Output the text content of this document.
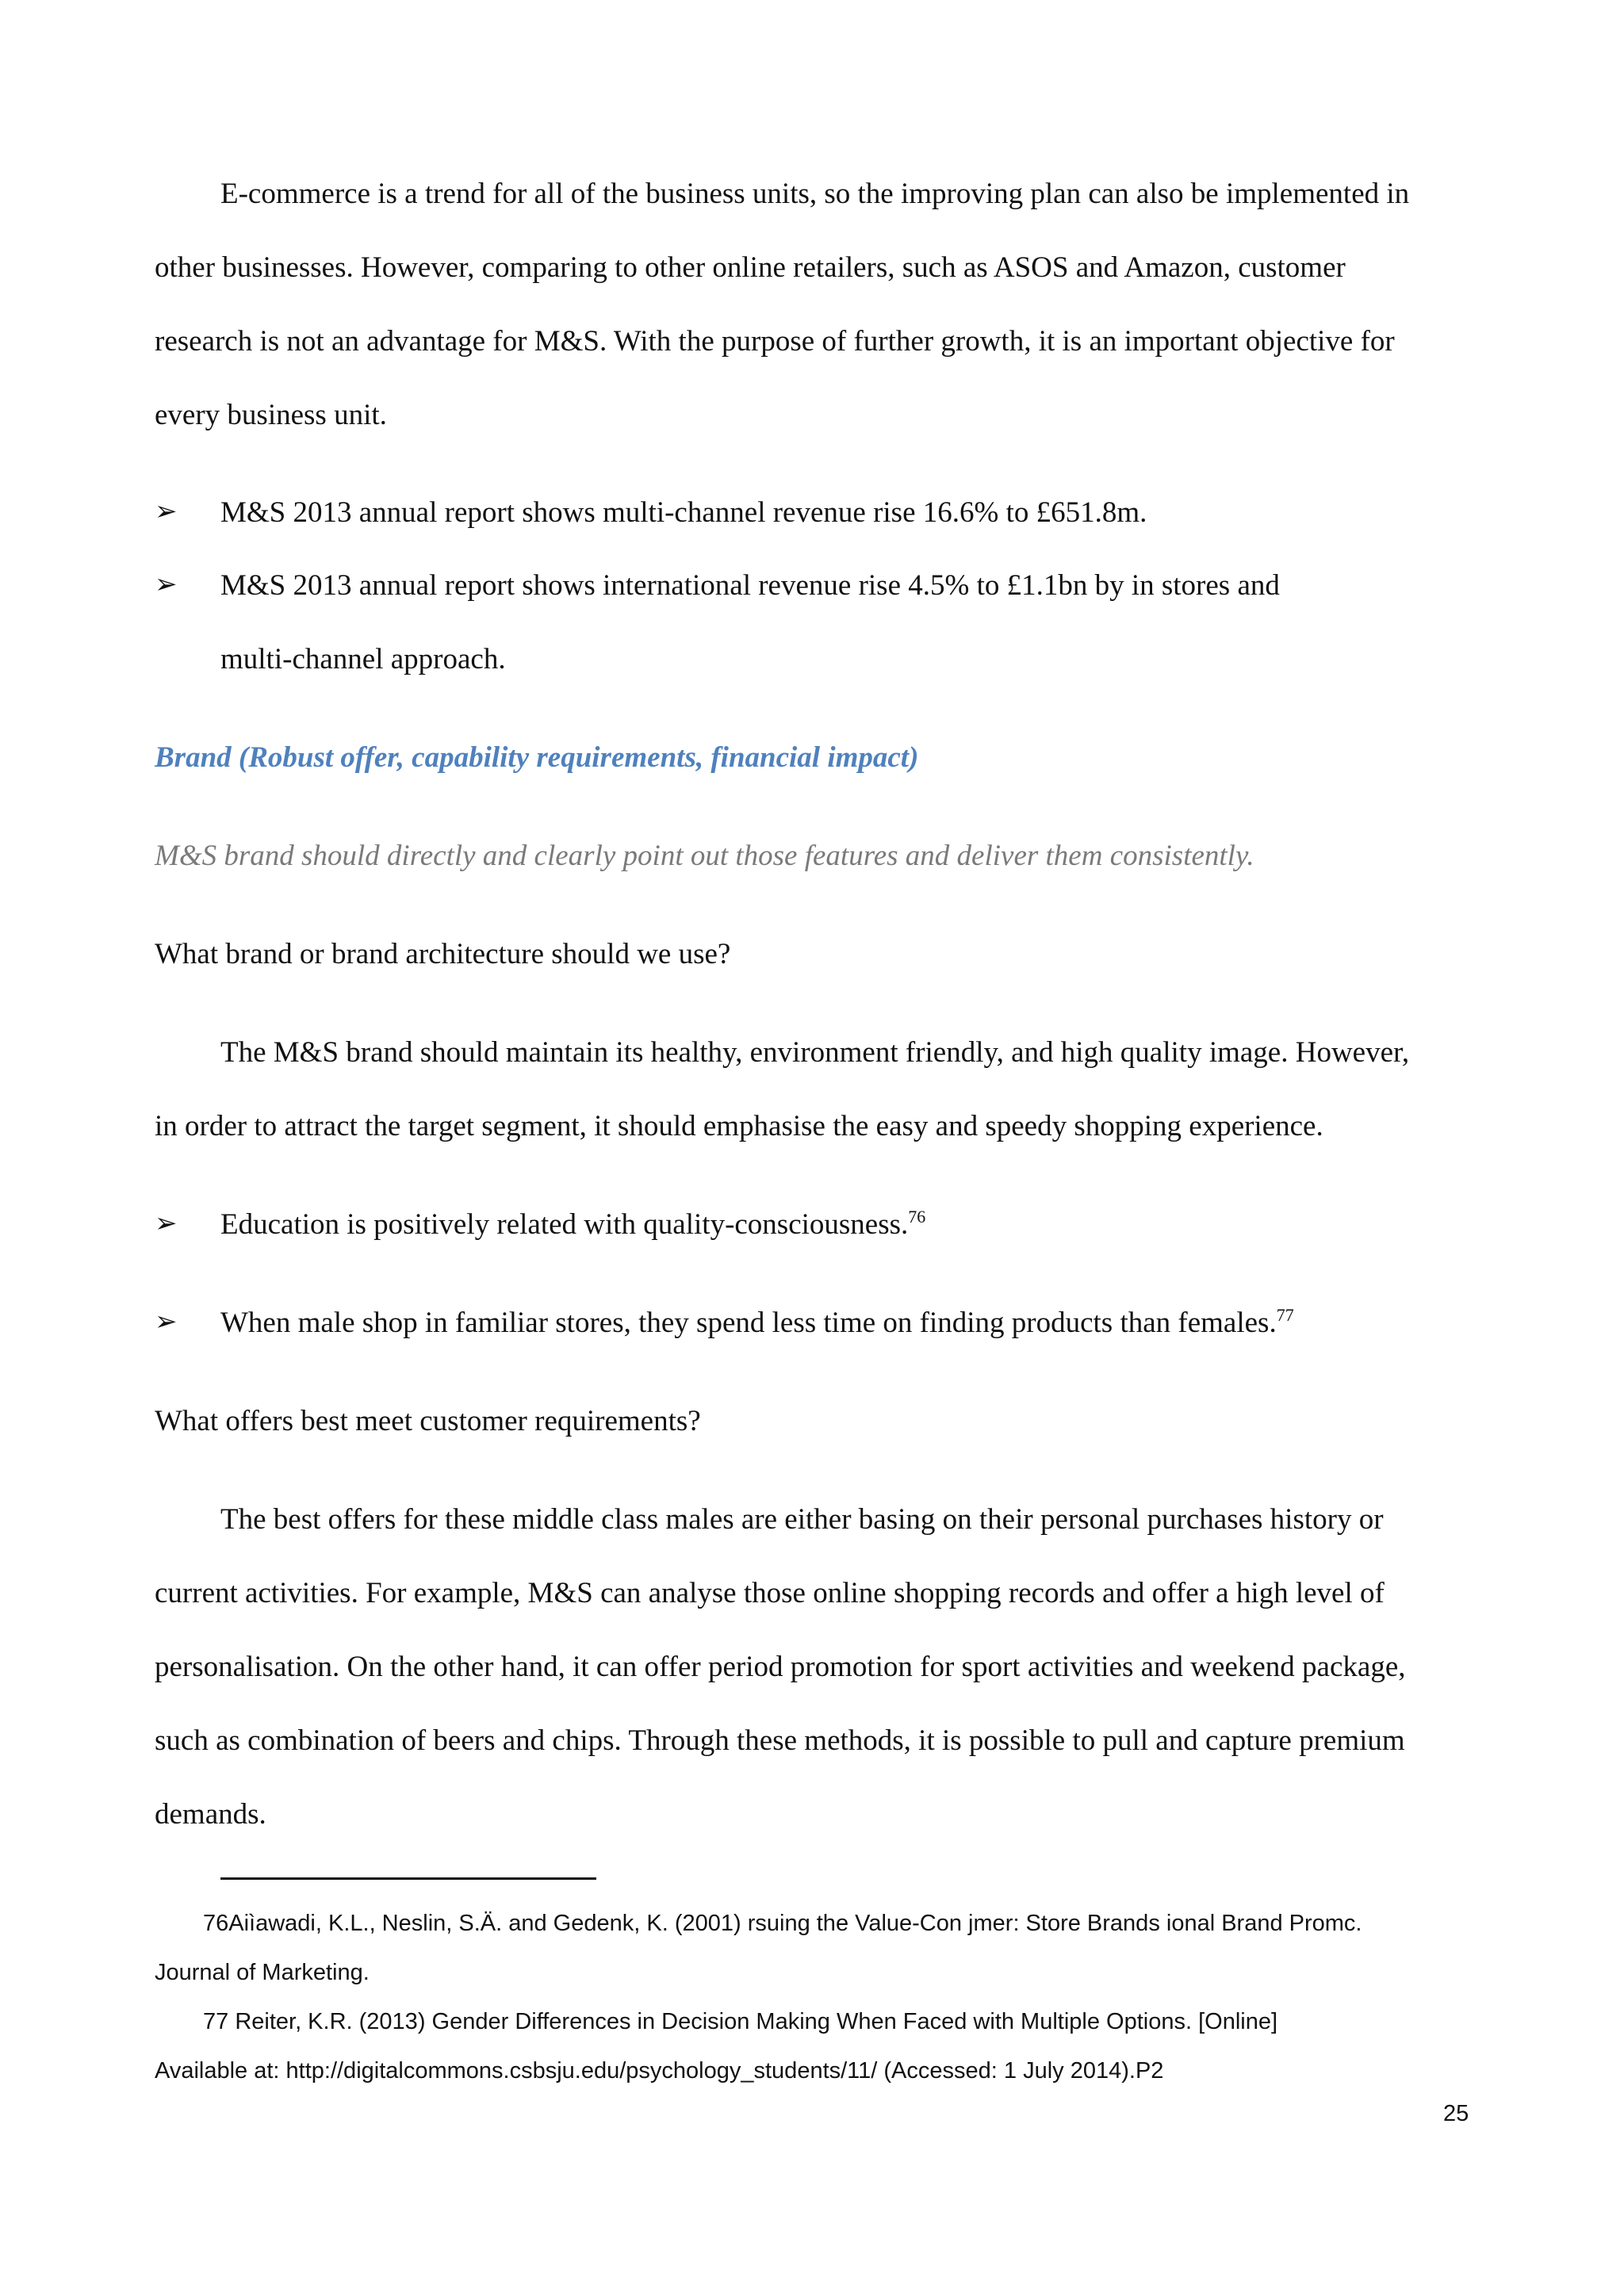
E-commerce is a trend for all of the business units, so the improving plan can also be implemented in
other businesses. However, comparing to other online retailers, such as ASOS and Amazon, customer
research is not an advantage for M&S. With the purpose of further growth, it is an important objective for
every business unit.
➢ M&S 2013 annual report shows multi-channel revenue rise 16.6% to £651.8m.
➢ M&S 2013 annual report shows international revenue rise 4.5% to £1.1bn by in stores and
multi-channel approach.
Brand (Robust offer, capability requirements, financial impact)
M&S brand should directly and clearly point out those features and deliver them consistently.
What brand or brand architecture should we use?
The M&S brand should maintain its healthy, environment friendly, and high quality image. However,
in order to attract the target segment, it should emphasise the easy and speedy shopping experience.
➢ Education is positively related with quality-consciousness.$^{76}$
➢ When male shop in familiar stores, they spend less time on finding products than females.$^{77}$
What offers best meet customer requirements?
The best offers for these middle class males are either basing on their personal purchases history or
current activities. For example, M&S can analyse those online shopping records and offer a high level of
personalisation. On the other hand, it can offer period promotion for sport activities and weekend package,
such as combination of beers and chips. Through these methods, it is possible to pull and capture premium
demands.
76Aiìawadi, K.L., Neslin, S.Ä. and Gedenk, K. (2001) rsuing the Value-Con jmer: Store Brands ional Brand Promc.
Journal of Marketing.
77 Reiter, K.R. (2013) Gender Differences in Decision Making When Faced with Multiple Options. [Online]
Available at: http://digitalcommons.csbsju.edu/psychology_students/11/ (Accessed: 1 July 2014).P2
25
